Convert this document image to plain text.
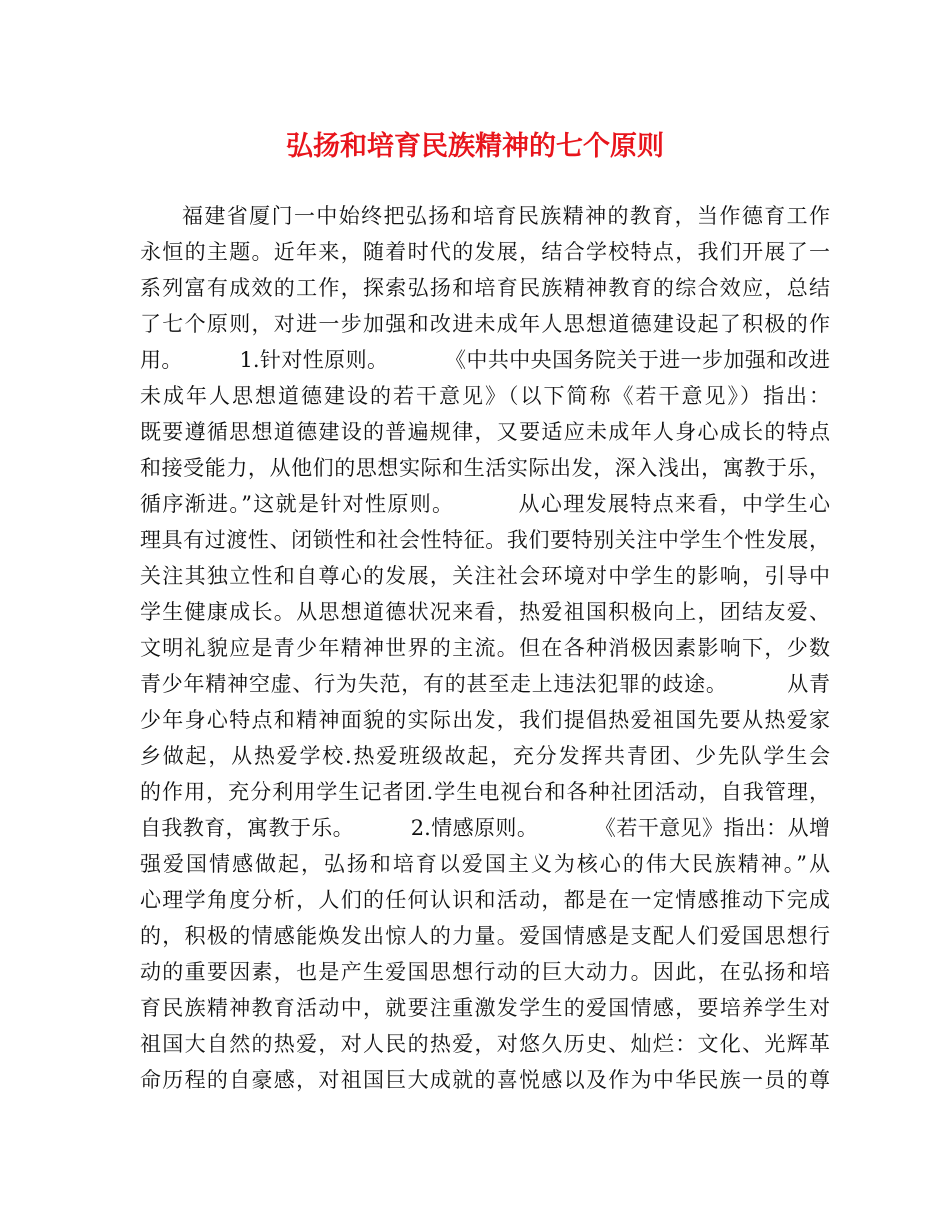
弘扬和培育民族精神的七个原则
福建省厦门一中始终把弘扬和培育民族精神的教育，当作德育工作
永恒的主题。近年来，随着时代的发展，结合学校特点，我们开展了一
系列富有成效的工作，探索弘扬和培育民族精神教育的综合效应，总结
了七个原则，对进一步加强和改进未成年人思想道德建设起了积极的作
用。        1.针对性原则。        《中共中央国务院关于进一步加强和改进
未成年人思想道德建设的若干意见》（以下简称《若干意见》）指出：
既要遵循思想道德建设的普遍规律，又要适应未成年人身心成长的特点
和接受能力，从他们的思想实际和生活实际出发，深入浅出，寓教于乐，
循序渐进。”这就是针对性原则。        从心理发展特点来看，中学生心
理具有过渡性、闭锁性和社会性特征。我们要特别关注中学生个性发展，
关注其独立性和自尊心的发展，关注社会环境对中学生的影响，引导中
学生健康成长。从思想道德状况来看，热爱祖国积极向上，团结友爱、
文明礼貌应是青少年精神世界的主流。但在各种消极因素影响下，少数
青少年精神空虚、行为失范，有的甚至走上违法犯罪的歧途。        从青
少年身心特点和精神面貌的实际出发，我们提倡热爱祖国先要从热爱家
乡做起，从热爱学校.热爱班级故起，充分发挥共青团、少先队学生会
的作用，充分利用学生记者团.学生电视台和各种社团活动，自我管理，
自我教育，寓教于乐。        2.情感原则。        《若干意见》指出：从增
强爱国情感做起，弘扬和培育以爱国主义为核心的伟大民族精神。”从
心理学角度分析，人们的任何认识和活动，都是在一定情感推动下完成
的，积极的情感能焕发出惊人的力量。爱国情感是支配人们爱国思想行
动的重要因素，也是产生爱国思想行动的巨大动力。因此，在弘扬和培
育民族精神教育活动中，就要注重激发学生的爱国情感，要培养学生对
祖国大自然的热爱，对人民的热爱，对悠久历史、灿烂：文化、光辉革
命历程的自豪感，对祖国巨大成就的喜悦感以及作为中华民族一员的尊
